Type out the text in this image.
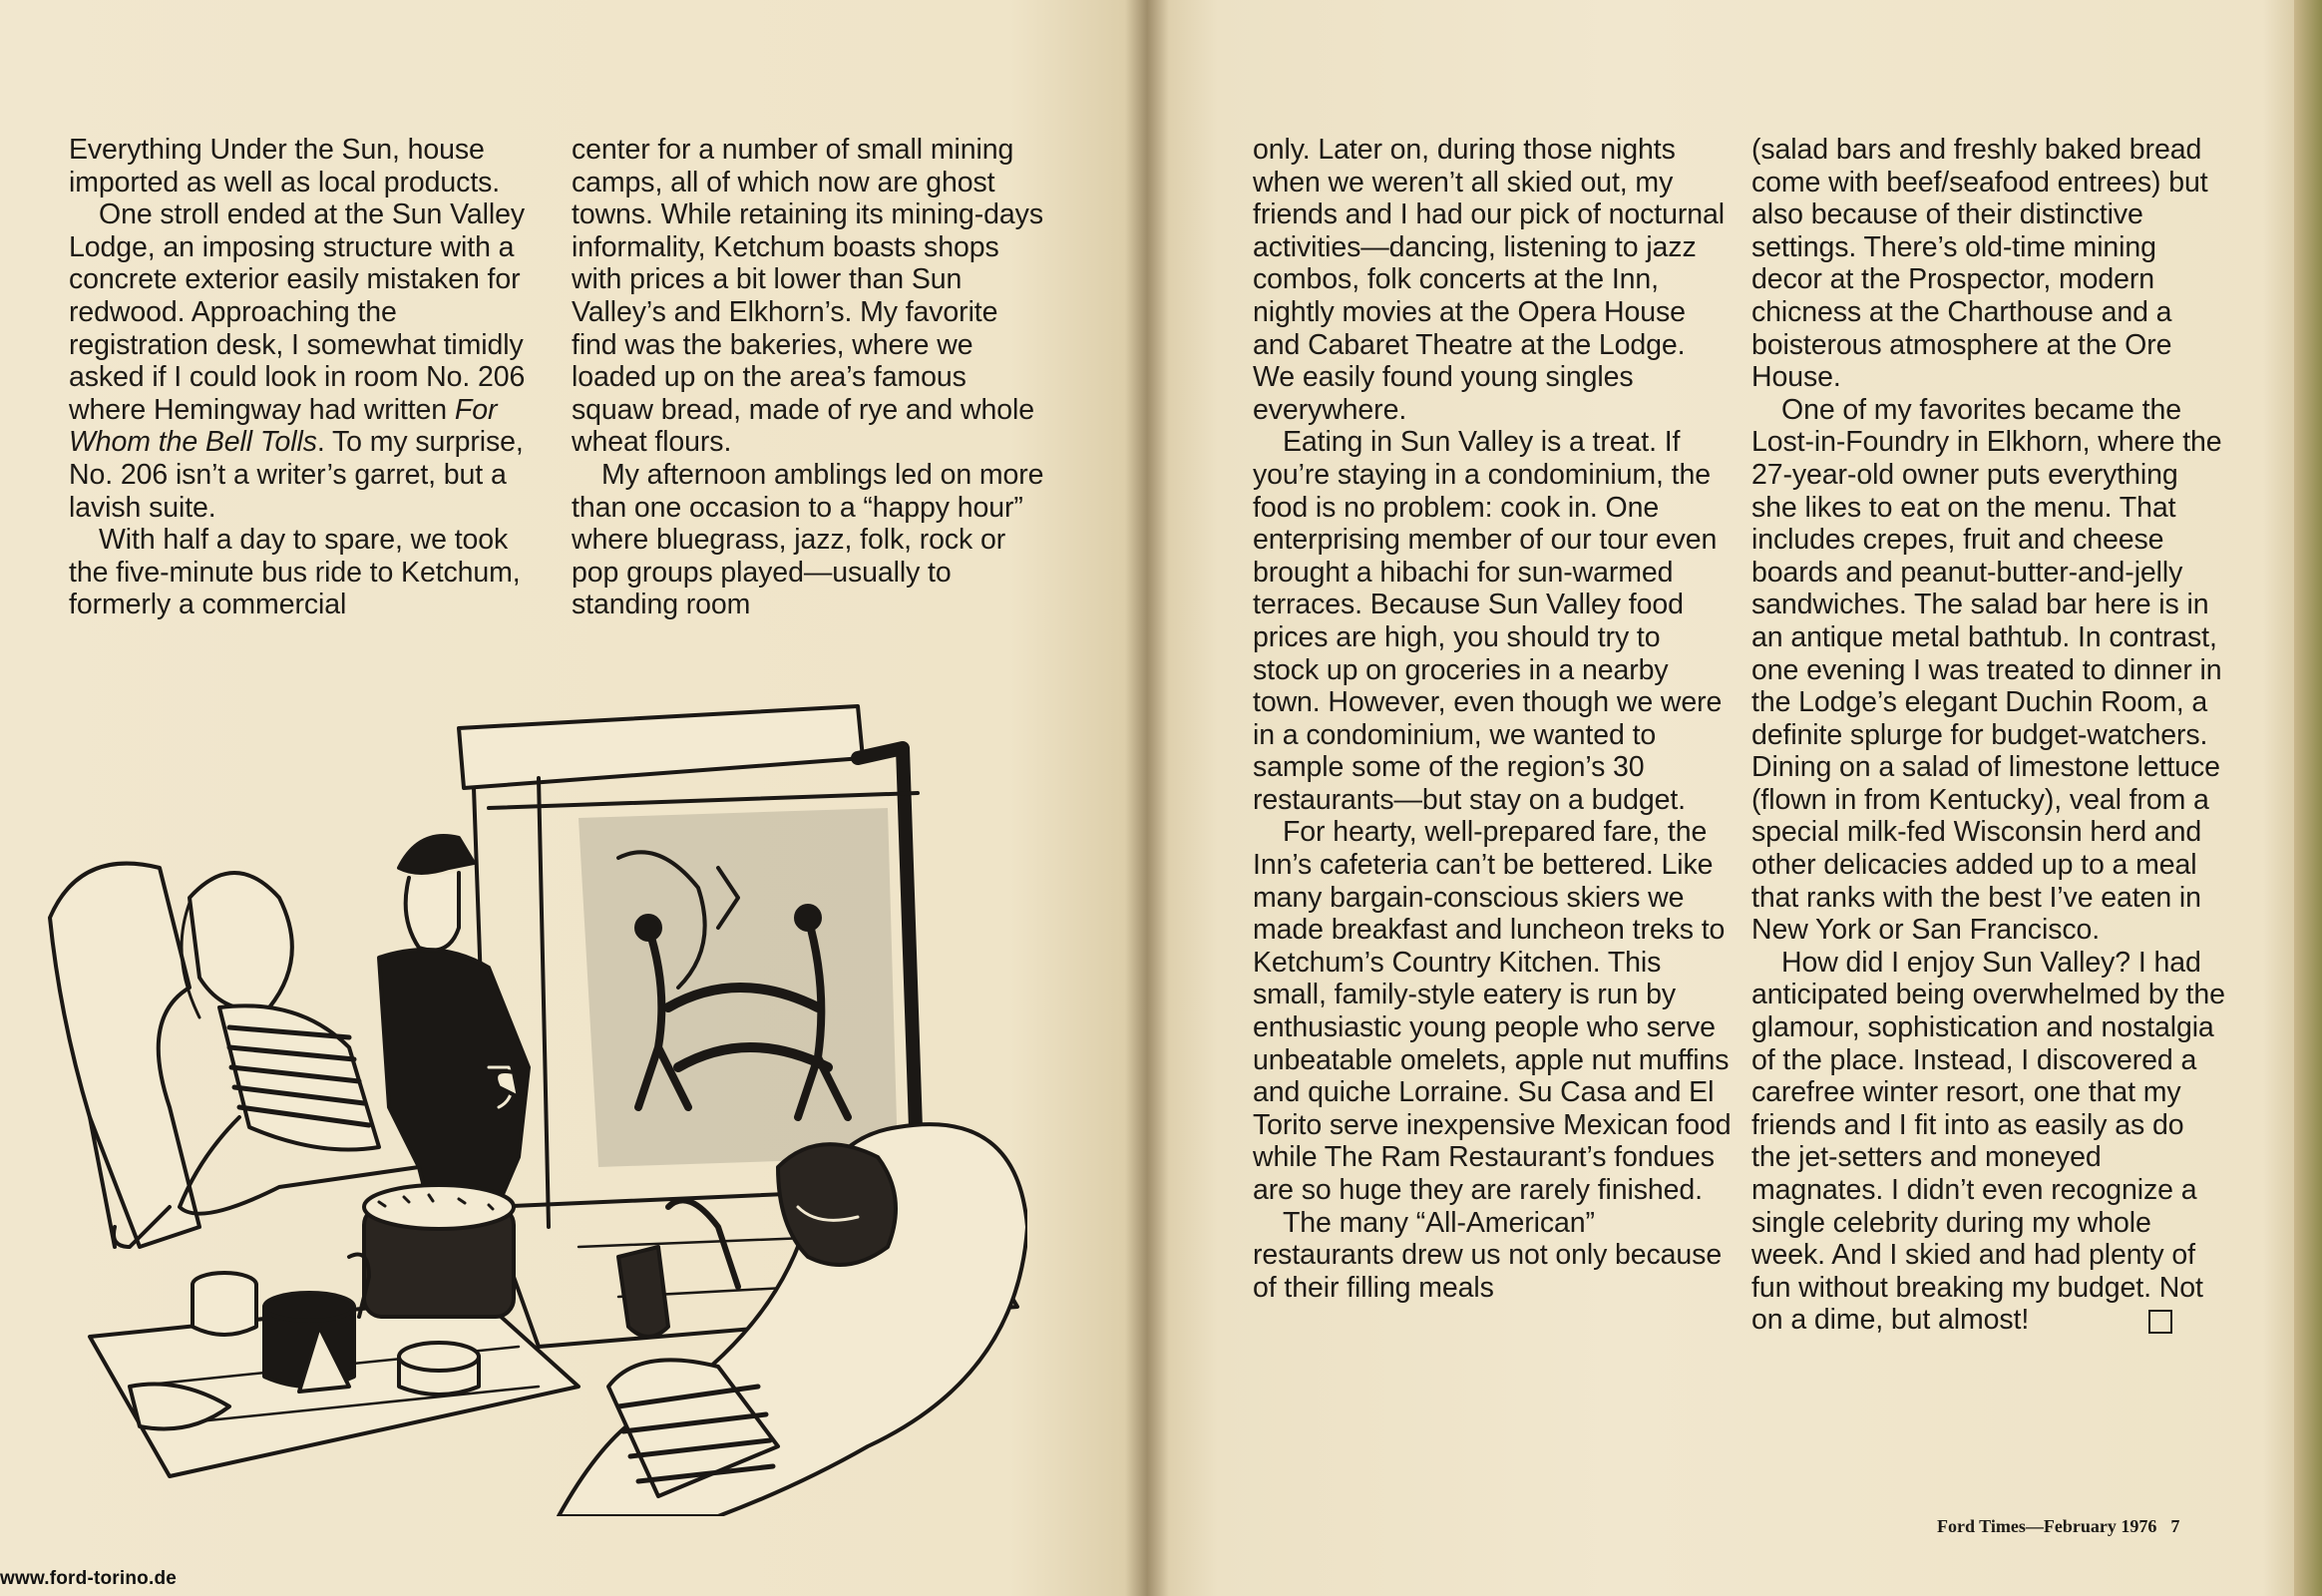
Everything Under the Sun, house imported as well as local products.

One stroll ended at the Sun Valley Lodge, an imposing structure with a concrete exterior easily mistaken for redwood. Approaching the registration desk, I somewhat timidly asked if I could look in room No. 206 where Hemingway had written For Whom the Bell Tolls. To my surprise, No. 206 isn’t a writer’s garret, but a lavish suite.

With half a day to spare, we took the five-minute bus ride to Ketchum, formerly a commercial

center for a number of small mining camps, all of which now are ghost towns. While retaining its mining-days informality, Ketchum boasts shops with prices a bit lower than Sun Valley’s and Elkhorn’s. My favorite find was the bakeries, where we loaded up on the area’s famous squaw bread, made of rye and whole wheat flours.

My afternoon amblings led on more than one occasion to a “happy hour” where bluegrass, jazz, folk, rock or pop groups played—usually to standing room

only. Later on, during those nights when we weren’t all skied out, my friends and I had our pick of nocturnal activities—dancing, listening to jazz combos, folk concerts at the Inn, nightly movies at the Opera House and Cabaret Theatre at the Lodge. We easily found young singles everywhere.

Eating in Sun Valley is a treat. If you’re staying in a condominium, the food is no problem: cook in. One enterprising member of our tour even brought a hibachi for sun-warmed terraces. Because Sun Valley food prices are high, you should try to stock up on groceries in a nearby town. However, even though we were in a condominium, we wanted to sample some of the region’s 30 restaurants—but stay on a budget.

For hearty, well-prepared fare, the Inn’s cafeteria can’t be bettered. Like many bargain-conscious skiers we made breakfast and luncheon treks to Ketchum’s Country Kitchen. This small, family-style eatery is run by enthusiastic young people who serve unbeatable omelets, apple nut muffins and quiche Lorraine. Su Casa and El Torito serve inexpensive Mexican food while The Ram Restaurant’s fondues are so huge they are rarely finished.

The many “All-American” restaurants drew us not only because of their filling meals

(salad bars and freshly baked bread come with beef/seafood entrees) but also because of their distinctive settings. There’s old-time mining decor at the Prospector, modern chicness at the Charthouse and a boisterous atmosphere at the Ore House.

One of my favorites became the Lost-in-Foundry in Elkhorn, where the 27-year-old owner puts everything she likes to eat on the menu. That includes crepes, fruit and cheese boards and peanut-butter-and-jelly sandwiches. The salad bar here is in an antique metal bathtub. In contrast, one evening I was treated to dinner in the Lodge’s elegant Duchin Room, a definite splurge for budget-watchers. Dining on a salad of limestone lettuce (flown in from Kentucky), veal from a special milk-fed Wisconsin herd and other delicacies added up to a meal that ranks with the best I’ve eaten in New York or San Francisco.

How did I enjoy Sun Valley? I had anticipated being overwhelmed by the glamour, sophistication and nostalgia of the place. Instead, I discovered a carefree winter resort, one that my friends and I fit into as easily as do the jet-setters and moneyed magnates. I didn’t even recognize a single celebrity during my whole week. And I skied and had plenty of fun without breaking my budget. Not on a dime, but almost!

Ford Times—February 1976 7
www.ford-torino.de
